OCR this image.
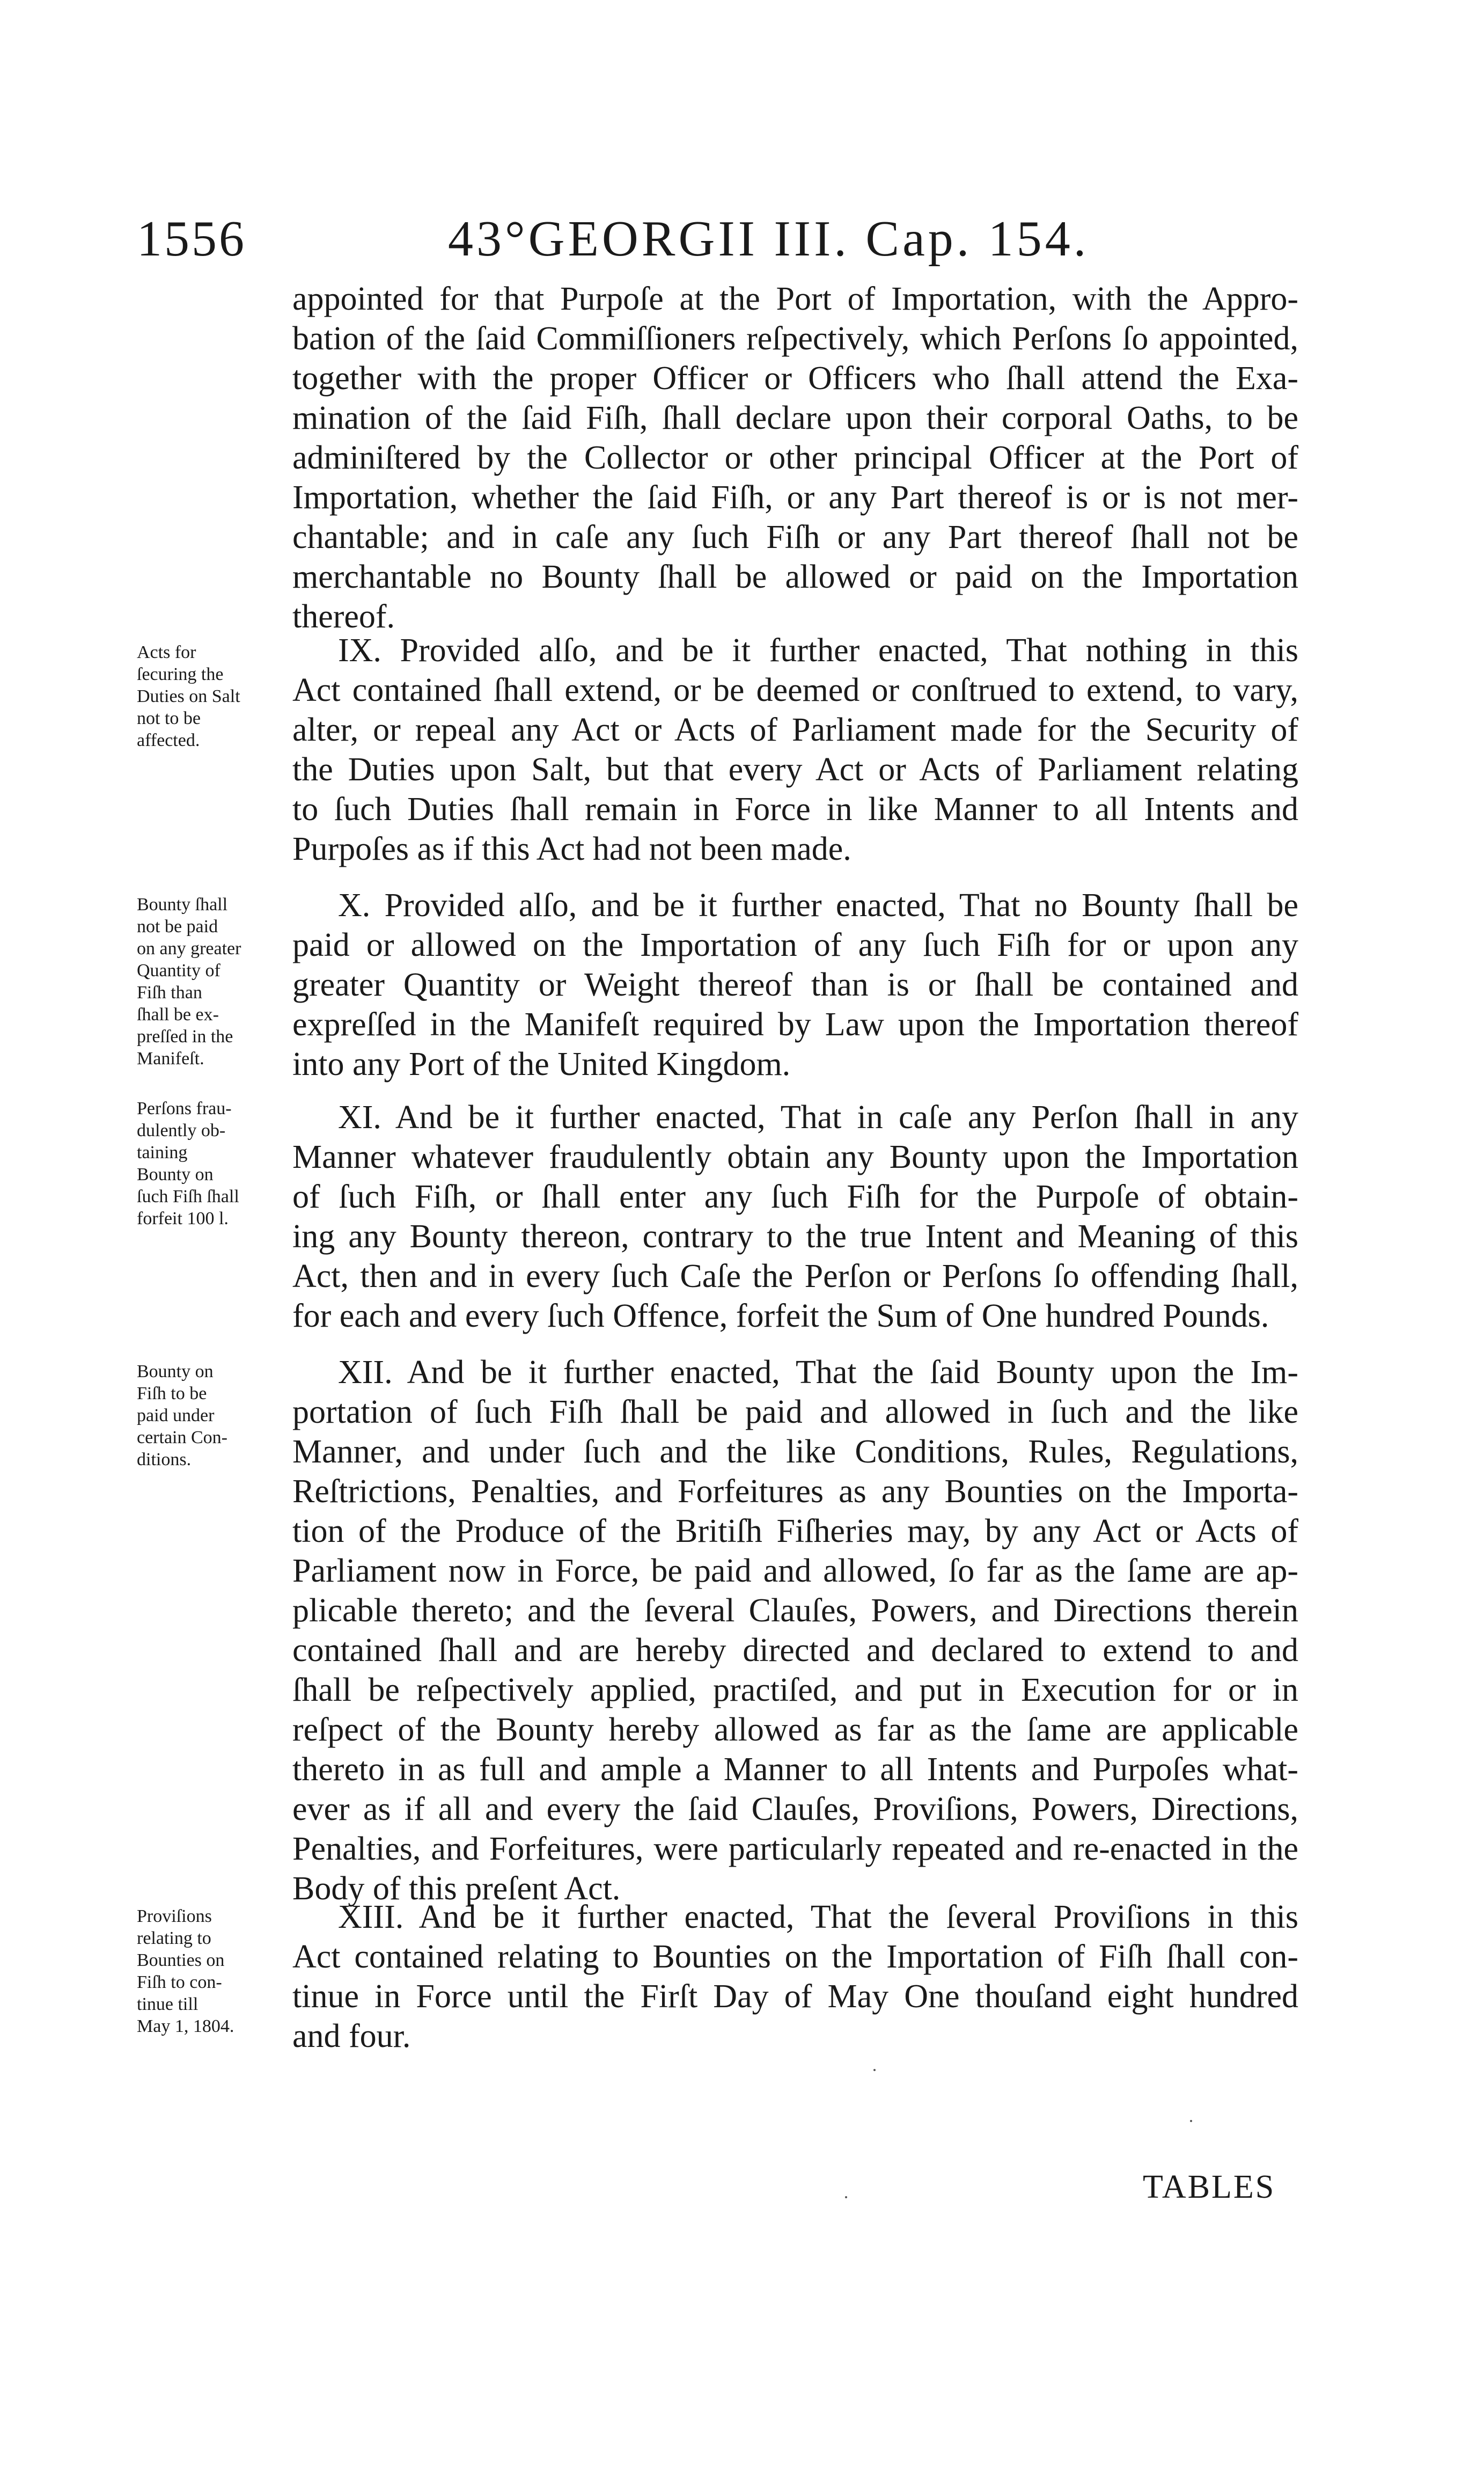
1556	43°GEORGII III. Cap. 154.
appointed for that Purpoſe at the Port of Importation, with the Appro-
bation of the ſaid Commiſſioners reſpectively, which Perſons ſo appointed,
together with the proper Officer or Officers who ſhall attend the Exa-
mination of the ſaid Fiſh, ſhall declare upon their corporal Oaths, to be
adminiſtered by the Collector or other principal Officer at the Port of
Importation, whether the ſaid Fiſh, or any Part thereof is or is not mer-
chantable; and in caſe any ſuch Fiſh or any Part thereof ſhall not be
merchantable no Bounty ſhall be allowed or paid on the Importation
thereof.
Acts for
ſecuring the
Duties on Salt
not to be
affected.
IX. Provided alſo, and be it further enacted, That nothing in this
Act contained ſhall extend, or be deemed or conſtrued to extend, to vary,
alter, or repeal any Act or Acts of Parliament made for the Security of
the Duties upon Salt, but that every Act or Acts of Parliament relating
to ſuch Duties ſhall remain in Force in like Manner to all Intents and
Purpoſes as if this Act had not been made.
Bounty ſhall
not be paid
on any greater
Quantity of
Fiſh than
ſhall be ex-
preſſed in the
Manifeſt.
X. Provided alſo, and be it further enacted, That no Bounty ſhall be
paid or allowed on the Importation of any ſuch Fiſh for or upon any
greater Quantity or Weight thereof than is or ſhall be contained and
expreſſed in the Manifeſt required by Law upon the Importation thereof
into any Port of the United Kingdom.
Perſons frau-
dulently ob-
taining
Bounty on
ſuch Fiſh ſhall
forfeit 100 l.
XI. And be it further enacted, That in caſe any Perſon ſhall in any
Manner whatever fraudulently obtain any Bounty upon the Importation
of ſuch Fiſh, or ſhall enter any ſuch Fiſh for the Purpoſe of obtain-
ing any Bounty thereon, contrary to the true Intent and Meaning of this
Act, then and in every ſuch Caſe the Perſon or Perſons ſo offending ſhall,
for each and every ſuch Offence, forfeit the Sum of One hundred Pounds.
Bounty on
Fiſh to be
paid under
certain Con-
ditions.
XII. And be it further enacted, That the ſaid Bounty upon the Im-
portation of ſuch Fiſh ſhall be paid and allowed in ſuch and the like
Manner, and under ſuch and the like Conditions, Rules, Regulations,
Reſtrictions, Penalties, and Forfeitures as any Bounties on the Importa-
tion of the Produce of the Britiſh Fiſheries may, by any Act or Acts of
Parliament now in Force, be paid and allowed, ſo far as the ſame are ap-
plicable thereto; and the ſeveral Clauſes, Powers, and Directions therein
contained ſhall and are hereby directed and declared to extend to and
ſhall be reſpectively applied, practiſed, and put in Execution for or in
reſpect of the Bounty hereby allowed as far as the ſame are applicable
thereto in as full and ample a Manner to all Intents and Purpoſes what-
ever as if all and every the ſaid Clauſes, Proviſions, Powers, Directions,
Penalties, and Forfeitures, were particularly repeated and re-enacted in the
Body of this preſent Act.
Proviſions
relating to
Bounties on
Fiſh to con-
tinue till
May 1, 1804.
XIII. And be it further enacted, That the ſeveral Proviſions in this
Act contained relating to Bounties on the Importation of Fiſh ſhall con-
tinue in Force until the Firſt Day of May One thouſand eight hundred
and four.
TABLES
